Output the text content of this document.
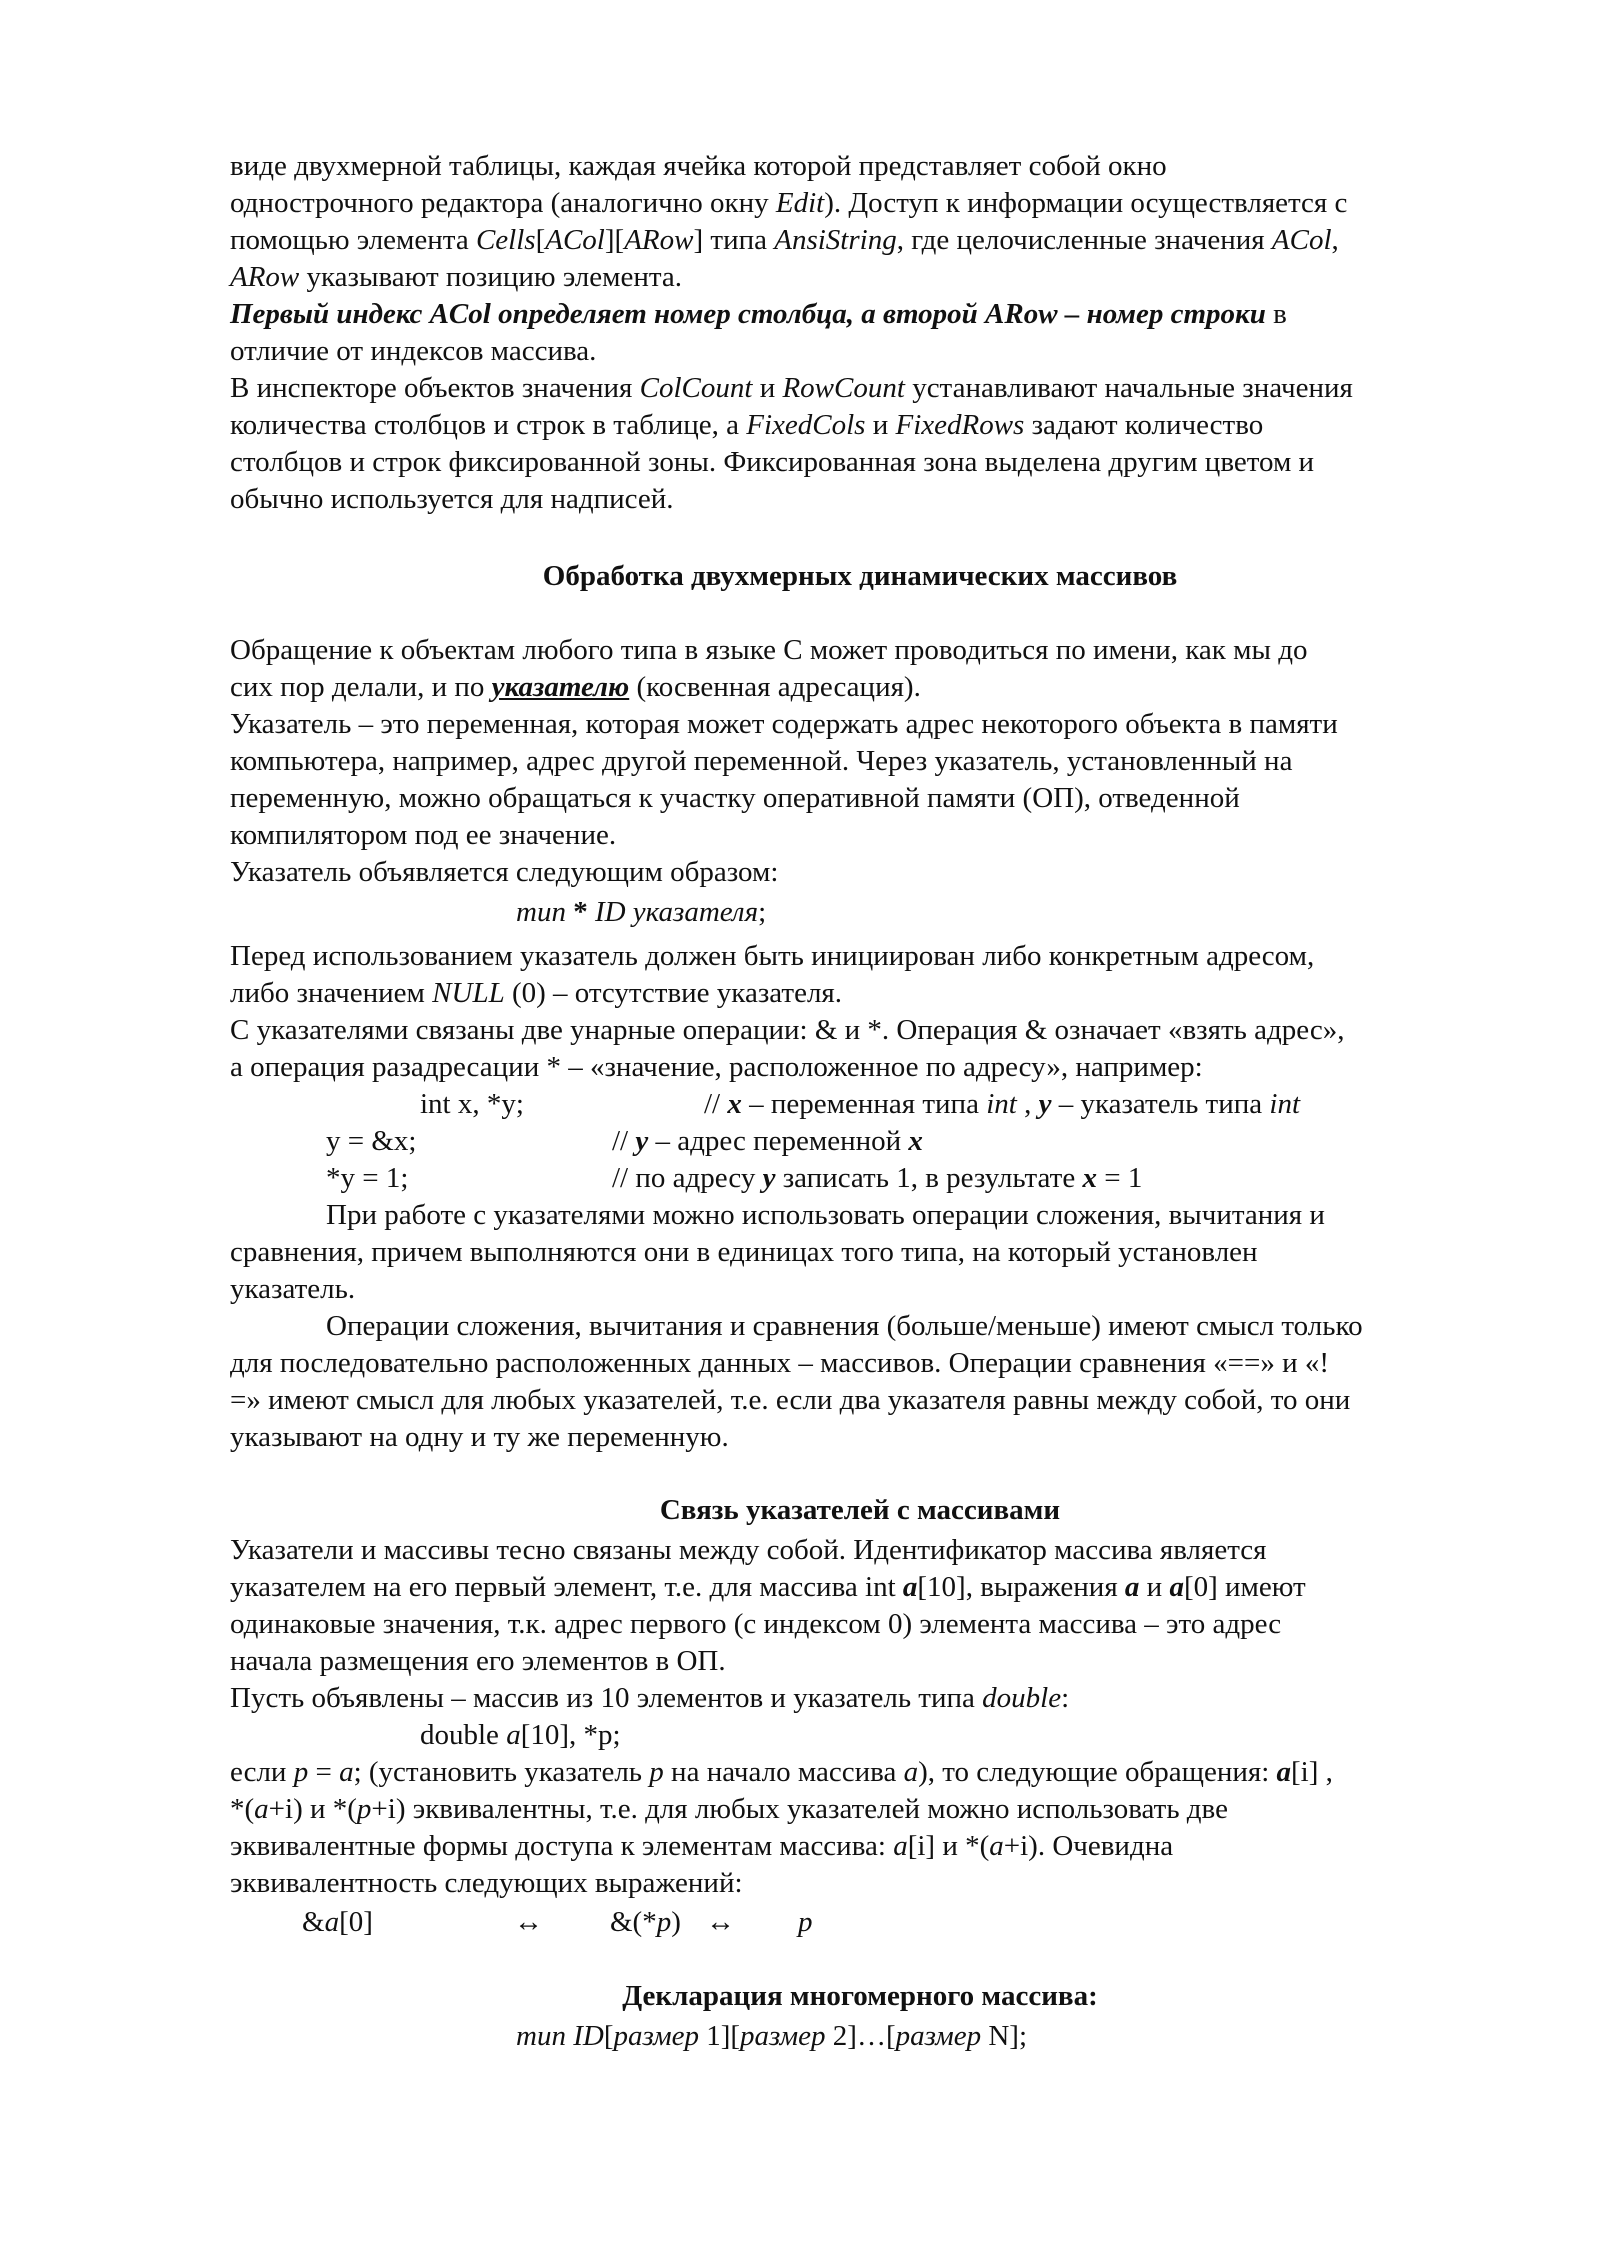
виде двухмерной таблицы, каждая ячейка которой представляет собой окно
однострочного редактора (аналогично окну Edit). Доступ к информации осуществляется с
помощью элемента Cells[ACol][ARow] типа AnsiString, где целочисленные значения ACol,
ARow указывают позицию элемента.
Первый индекс ACol определяет номер столбца, а второй ARow – номер строки в
отличие от индексов массива.
В инспекторе объектов значения ColCount и RowCount устанавливают начальные значения
количества столбцов и строк в таблице, а FixedCols и FixedRows задают количество
столбцов и строк фиксированной зоны. Фиксированная зона выделена другим цветом и
обычно используется для надписей.
Обработка двухмерных динамических массивов
Обращение к объектам любого типа в языке С может проводиться по имени, как мы до
сих пор делали, и по указателю (косвенная адресация).
Указатель – это переменная, которая может содержать адрес некоторого объекта в памяти
компьютера, например, адрес другой переменной. Через указатель, установленный на
переменную, можно обращаться к участку оперативной памяти (ОП), отведенной
компилятором под ее значение.
Указатель объявляется следующим образом:
тип * ID указателя;
Перед использованием указатель должен быть инициирован либо конкретным адресом,
либо значением NULL (0) – отсутствие указателя.
С указателями связаны две унарные операции: & и *. Операция & означает «взять адрес»,
а операция разадресации * – «значение, расположенное по адресу», например:
int x, *y;	// x – переменная типа int , y – указатель типа int
y = &x;	// y – адрес переменной x
*y = 1;	// по адресу y записать 1, в результате x = 1
При работе с указателями можно использовать операции сложения, вычитания и
сравнения, причем выполняются они в единицах того типа, на который установлен
указатель.
Операции сложения, вычитания и сравнения (больше/меньше) имеют смысл только
для последовательно расположенных данных – массивов. Операции сравнения «==» и «!
=» имеют смысл для любых указателей, т.е. если два указателя равны между собой, то они
указывают на одну и ту же переменную.
Связь указателей с массивами
Указатели и массивы тесно связаны между собой. Идентификатор массива является
указателем на его первый элемент, т.е. для массива int a[10], выражения a и a[0] имеют
одинаковые значения, т.к. адрес первого (с индексом 0) элемента массива – это адрес
начала размещения его элементов в ОП.
Пусть объявлены – массив из 10 элементов и указатель типа double:
double a[10], *p;
если p = a; (установить указатель p на начало массива a), то следующие обращения: a[i] ,
*(a+i) и *(p+i) эквивалентны, т.е. для любых указателей можно использовать две
эквивалентные формы доступа к элементам массива: a[i] и *(a+i). Очевидна
эквивалентность следующих выражений:
&a[0]	↔ &(*p) ↔ p
Декларация многомерного массива:
тип ID[размер 1][размер 2]…[размер N];
